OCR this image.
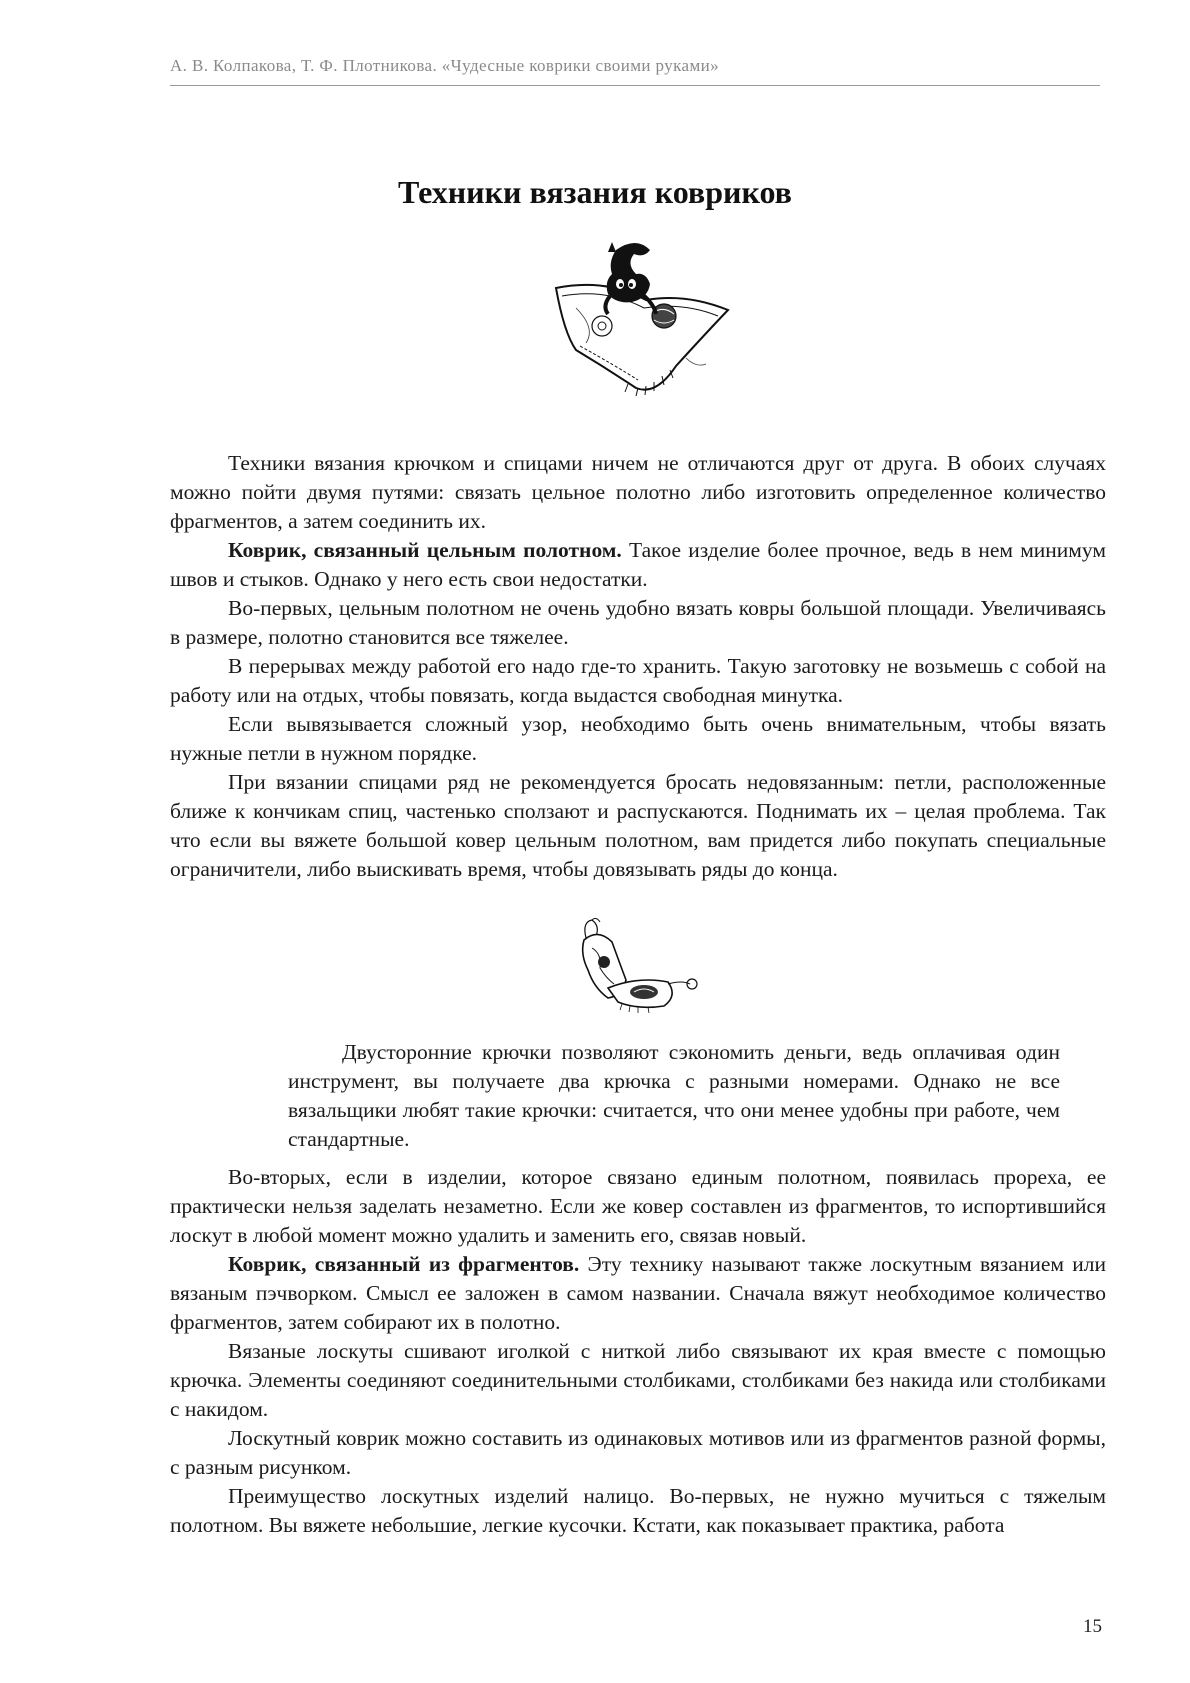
А. В. Колпакова, Т. Ф. Плотникова. «Чудесные коврики своими руками»
Техники вязания ковриков

Техники вязания крючком и спицами ничем не отличаются друг от друга. В обоих случаях можно пойти двумя путями: связать цельное полотно либо изготовить определенное количество фрагментов, а затем соединить их.

Коврик, связанный цельным полотном. Такое изделие более прочное, ведь в нем минимум швов и стыков. Однако у него есть свои недостатки.

Во-первых, цельным полотном не очень удобно вязать ковры большой площади. Увеличиваясь в размере, полотно становится все тяжелее.

В перерывах между работой его надо где-то хранить. Такую заготовку не возьмешь с собой на работу или на отдых, чтобы повязать, когда выдастся свободная минутка.

Если вывязывается сложный узор, необходимо быть очень внимательным, чтобы вязать нужные петли в нужном порядке.

При вязании спицами ряд не рекомендуется бросать недовязанным: петли, расположенные ближе к кончикам спиц, частенько сползают и распускаются. Поднимать их – целая проблема. Так что если вы вяжете большой ковер цельным полотном, вам придется либо покупать специальные ограничители, либо выискивать время, чтобы довязывать ряды до конца.

Двусторонние крючки позволяют сэкономить деньги, ведь оплачивая один инструмент, вы получаете два крючка с разными номерами. Однако не все вязальщики любят такие крючки: считается, что они менее удобны при работе, чем стандартные.

Во-вторых, если в изделии, которое связано единым полотном, появилась прореха, ее практически нельзя заделать незаметно. Если же ковер составлен из фрагментов, то испортившийся лоскут в любой момент можно удалить и заменить его, связав новый.

Коврик, связанный из фрагментов. Эту технику называют также лоскутным вязанием или вязаным пэчворком. Смысл ее заложен в самом названии. Сначала вяжут необходимое количество фрагментов, затем собирают их в полотно.

Вязаные лоскуты сшивают иголкой с ниткой либо связывают их края вместе с помощью крючка. Элементы соединяют соединительными столбиками, столбиками без накида или столбиками с накидом.

Лоскутный коврик можно составить из одинаковых мотивов или из фрагментов разной формы, с разным рисунком.

Преимущество лоскутных изделий налицо. Во-первых, не нужно мучиться с тяжелым полотном. Вы вяжете небольшие, легкие кусочки. Кстати, как показывает практика, работа

15
